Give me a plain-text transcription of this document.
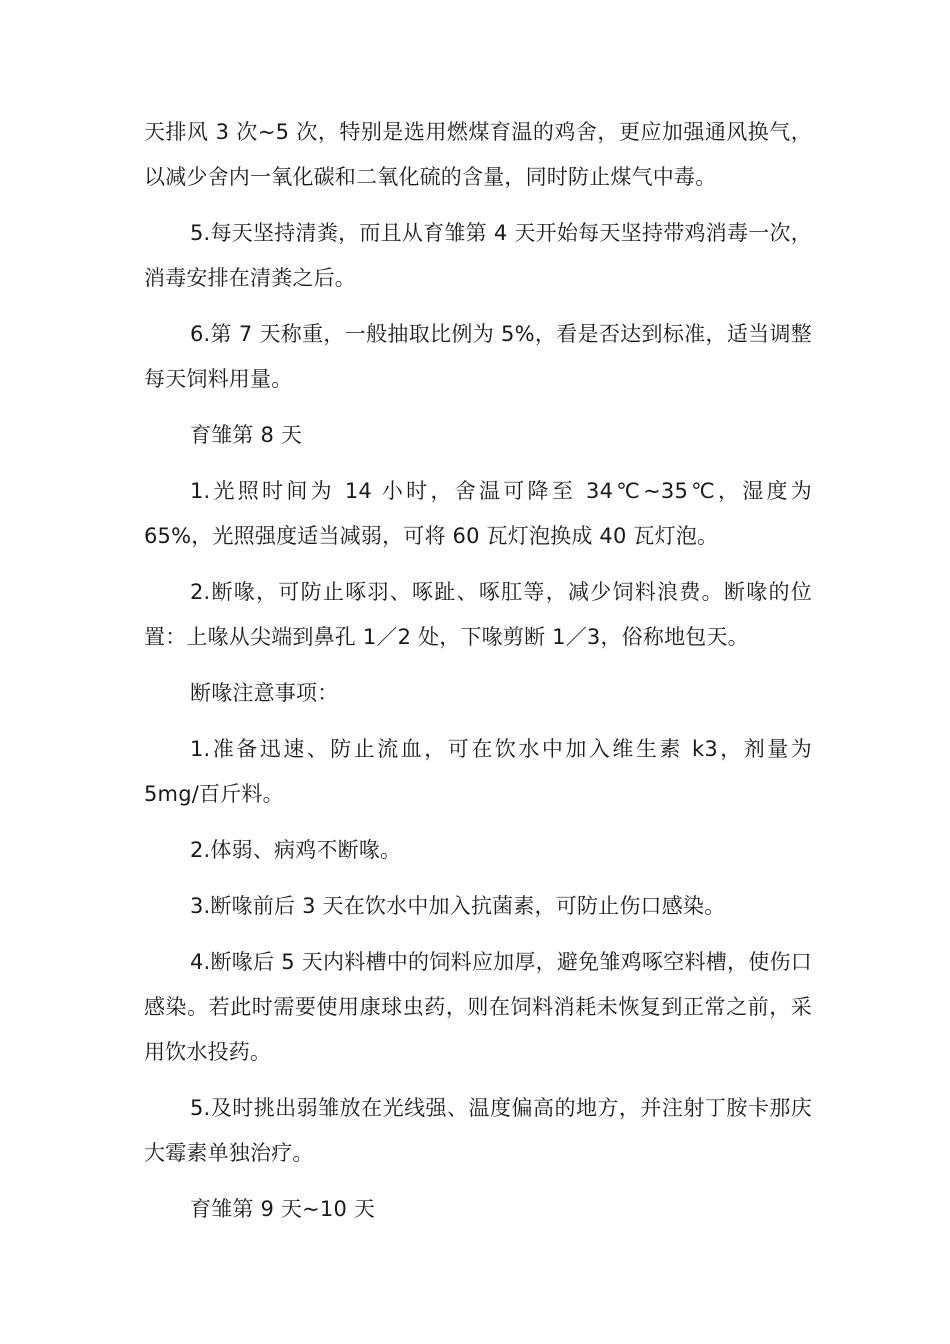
天排风 3 次~5 次，特别是选用燃煤育温的鸡舍，更应加强通风换气，以减少舍内一氧化碳和二氧化硫的含量，同时防止煤气中毒。

5.每天坚持清粪，而且从育雏第 4 天开始每天坚持带鸡消毒一次，消毒安排在清粪之后。

6.第 7 天称重，一般抽取比例为 5%，看是否达到标准，适当调整每天饲料用量。

育雏第 8 天

1.光照时间为 14 小时，舍温可降至 34℃~35℃，湿度为 65%，光照强度适当减弱，可将 60 瓦灯泡换成 40 瓦灯泡。

2.断喙，可防止啄羽、啄趾、啄肛等，减少饲料浪费。断喙的位置：上喙从尖端到鼻孔 1／2 处，下喙剪断 1／3，俗称地包天。

断喙注意事项：

1.准备迅速、防止流血，可在饮水中加入维生素 k3，剂量为 5mg/百斤料。

2.体弱、病鸡不断喙。

3.断喙前后 3 天在饮水中加入抗菌素，可防止伤口感染。

4.断喙后 5 天内料槽中的饲料应加厚，避免雏鸡啄空料槽，使伤口感染。若此时需要使用康球虫药，则在饲料消耗未恢复到正常之前，采用饮水投药。

5.及时挑出弱雏放在光线强、温度偏高的地方，并注射丁胺卡那庆大霉素单独治疗。

育雏第 9 天~10 天
